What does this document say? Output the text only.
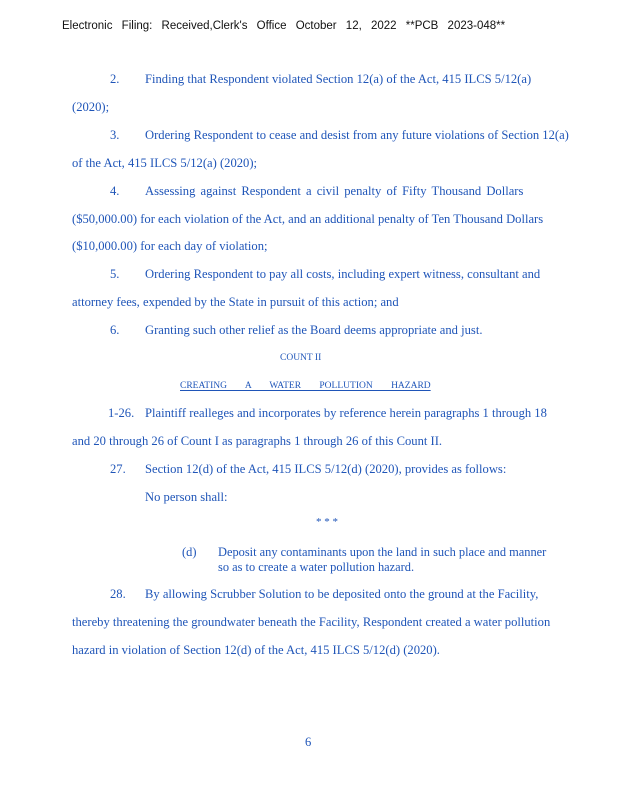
Electronic Filing: Received,Clerk's Office October 12, 2022 **PCB 2023-048**
2. Finding that Respondent violated Section 12(a) of the Act, 415 ILCS 5/12(a)
(2020);
3. Ordering Respondent to cease and desist from any future violations of Section 12(a)
of the Act, 415 ILCS 5/12(a) (2020);
4. Assessing against Respondent a civil penalty of Fifty Thousand Dollars
($50,000.00) for each violation of the Act, and an additional penalty of Ten Thousand Dollars
($10,000.00) for each day of violation;
5. Ordering Respondent to pay all costs, including expert witness, consultant and
attorney fees, expended by the State in pursuit of this action; and
6. Granting such other relief as the Board deems appropriate and just.
COUNT II
CREATING A WATER POLLUTION HAZARD
1-26. Plaintiff realleges and incorporates by reference herein paragraphs 1 through 18
and 20 through 26 of Count I as paragraphs 1 through 26 of this Count II.
27. Section 12(d) of the Act, 415 ILCS 5/12(d) (2020), provides as follows:
No person shall:
* * *
(d) Deposit any contaminants upon the land in such place and manner
so as to create a water pollution hazard.
28. By allowing Scrubber Solution to be deposited onto the ground at the Facility,
thereby threatening the groundwater beneath the Facility, Respondent created a water pollution
hazard in violation of Section 12(d) of the Act, 415 ILCS 5/12(d) (2020).
6
